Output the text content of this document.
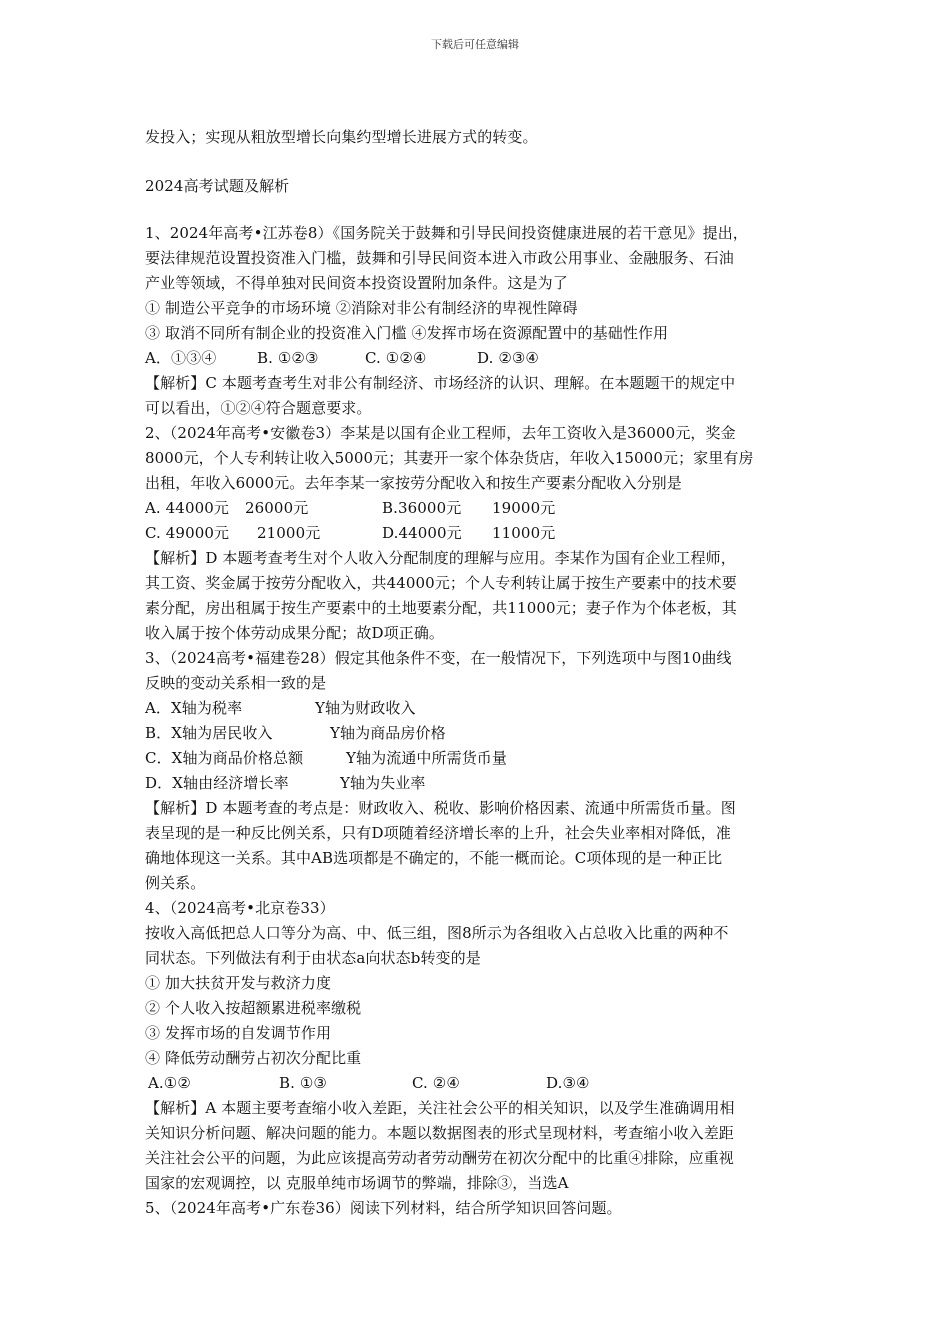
下载后可任意编辑
发投入；实现从粗放型增长向集约型增长进展方式的转变。
2024高考试题及解析
1、2024年高考•江苏卷8）《国务院关于鼓舞和引导民间投资健康进展的若干意见》提出，
要法律规范设置投资准入门槛，鼓舞和引导民间资本进入市政公用事业、金融服务、石油
产业等领域，不得单独对民间资本投资设置附加条件。这是为了
① 制造公平竞争的市场环境 ②消除对非公有制经济的卑视性障碍
③ 取消不同所有制企业的投资准入门槛 ④发挥市场在资源配置中的基础性作用
A．①③④	B. ①②③	C. ①②④	D. ②③④
【解析】C 本题考查考生对非公有制经济、市场经济的认识、理解。在本题题干的规定中
可以看出，①②④符合题意要求。
2、（2024年高考•安徽卷3）李某是以国有企业工程师，去年工资收入是36000元，奖金
8000元，个人专利转让收入5000元；其妻开一家个体杂货店，年收入15000元；家里有房
出租，年收入6000元。去年李某一家按劳分配收入和按生产要素分配收入分别是
A. 44000元	26000元	B.36000元	19000元
C. 49000元	21000元	D.44000元	11000元
【解析】D 本题考查考生对个人收入分配制度的理解与应用。李某作为国有企业工程师，
其工资、奖金属于按劳分配收入，共44000元；个人专利转让属于按生产要素中的技术要
素分配，房出租属于按生产要素中的土地要素分配，共11000元；妻子作为个体老板，其
收入属于按个体劳动成果分配；故D项正确。
3、（2024高考•福建卷28）假定其他条件不变，在一般情况下，下列选项中与图10曲线
反映的变动关系相一致的是
A．X轴为税率	Y轴为财政收入
B．X轴为居民收入	Y轴为商品房价格
C．X轴为商品价格总额	Y轴为流通中所需货币量
D．X轴由经济增长率	Y轴为失业率
【解析】D 本题考查的考点是：财政收入、税收、影响价格因素、流通中所需货币量。图
表呈现的是一种反比例关系，只有D项随着经济增长率的上升，社会失业率相对降低，准
确地体现这一关系。其中AB选项都是不确定的，不能一概而论。C项体现的是一种正比
例关系。
4、（2024高考•北京卷33）
按收入高低把总人口等分为高、中、低三组，图8所示为各组收入占总收入比重的两种不
同状态。下列做法有利于由状态a向状态b转变的是
① 加大扶贫开发与救济力度
② 个人收入按超额累进税率缴税
③ 发挥市场的自发调节作用
④ 降低劳动酬劳占初次分配比重
A.①②	B. ①③	C. ②④	D.③④
【解析】A 本题主要考查缩小收入差距，关注社会公平的相关知识，以及学生准确调用相
关知识分析问题、解决问题的能力。本题以数据图表的形式呈现材料，考查缩小收入差距
关注社会公平的问题，为此应该提高劳动者劳动酬劳在初次分配中的比重④排除，应重视
国家的宏观调控，以 克服单纯市场调节的弊端，排除③，当选A
5、（2024年高考•广东卷36）阅读下列材料，结合所学知识回答问题。
